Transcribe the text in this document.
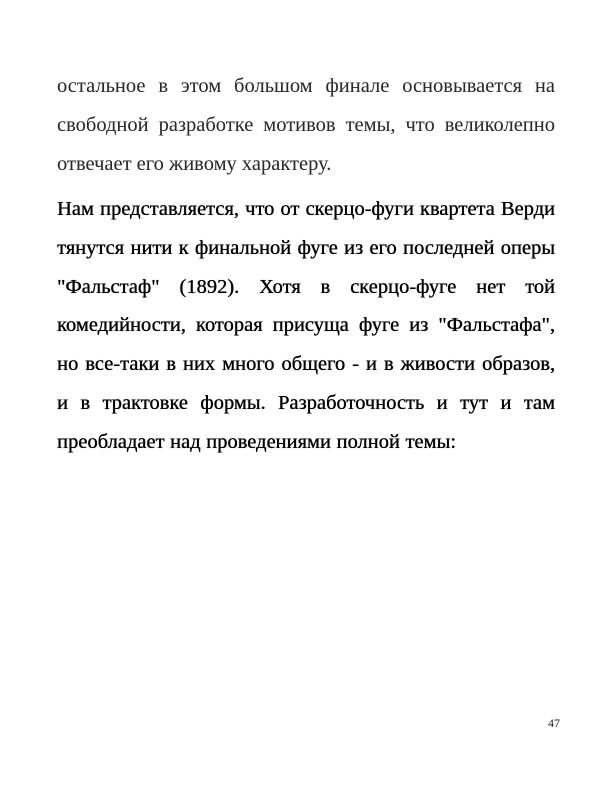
остальное в этом большом финале основывается на свободной разработке мотивов темы, что великолепно отвечает его живому характеру.

Нам представляется, что от скерцо-фуги квартета Верди тянутся нити к финальной фуге из его последней оперы "Фальстаф" (1892). Хотя в скерцо-фуге нет той комедийности, которая присуща фуге из "Фальстафа", но все-таки в них много общего - и в живости образов, и в трактовке формы. Разработочность и тут и там преобладает над проведениями полной темы:

47
